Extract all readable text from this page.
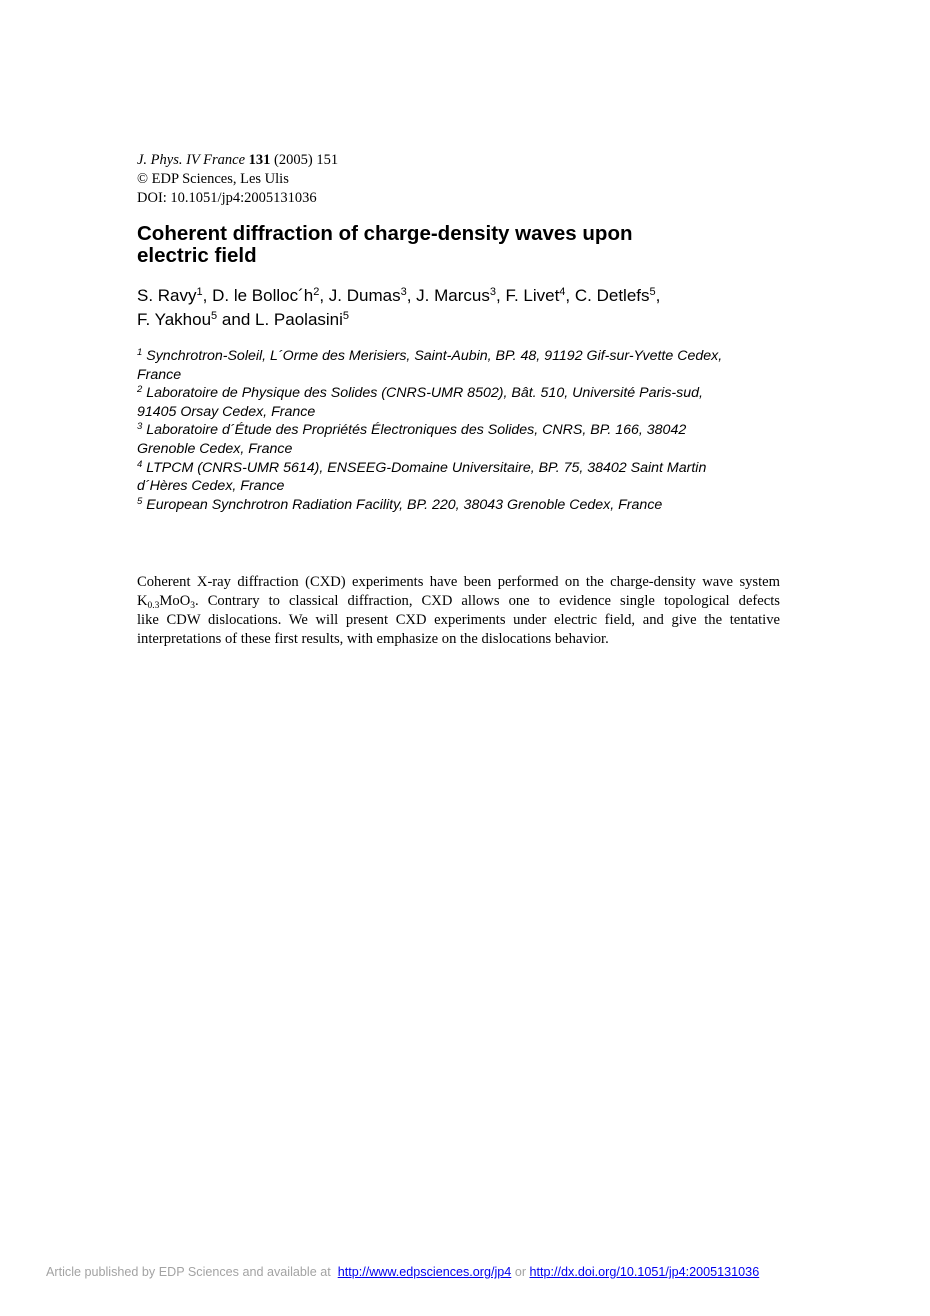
J. Phys. IV France 131 (2005) 151
© EDP Sciences, Les Ulis
DOI: 10.1051/jp4:2005131036
Coherent diffraction of charge-density waves upon
electric field
S. Ravy$^1$, D. le $Bolloc´h^2$, J. Dumas$^3$, J. Marcus$^3$, F. Livet$^4$, C. Detlefs$^5$,
F. Yakhou$^5$ and L. Paolasini$^5$
$^1$ Synchrotron-Soleil, L´Orme des Merisiers, Saint-Aubin, BP. 48, 91192 Gif-sur-Yvette Cedex,
France
$^2$ Laboratoire de Physique des Solides (CNRS-UMR 8502), Bât. 510, Université Paris-sud,
91405 Orsay Cedex, France
$^3$ Laboratoire d´Étude des Propriétés Électroniques des Solides, CNRS, BP. 166, 38042
Grenoble Cedex, France
$^4$ LTPCM (CNRS-UMR 5614), ENSEEG-Domaine Universitaire, BP. 75, 38402 Saint Martin
d´Hères Cedex, France
$^5$ European Synchrotron Radiation Facility, BP. 220, 38043 Grenoble Cedex, France
Coherent X-ray diffraction (CXD) experiments have been performed on the charge-density wave system
$K_{0.3}MoO_3$. Contrary to classical diffraction, CXD allows one to evidence single topological defects
like CDW dislocations. We will present CXD experiments under electric field, and give the tentative
interpretations of these first results, with emphasize on the dislocations behavior.
Article published by EDP Sciences and available at http://www.edpsciences.org/jp4 or http://dx.doi.org/10.1051/jp4:2005131036
